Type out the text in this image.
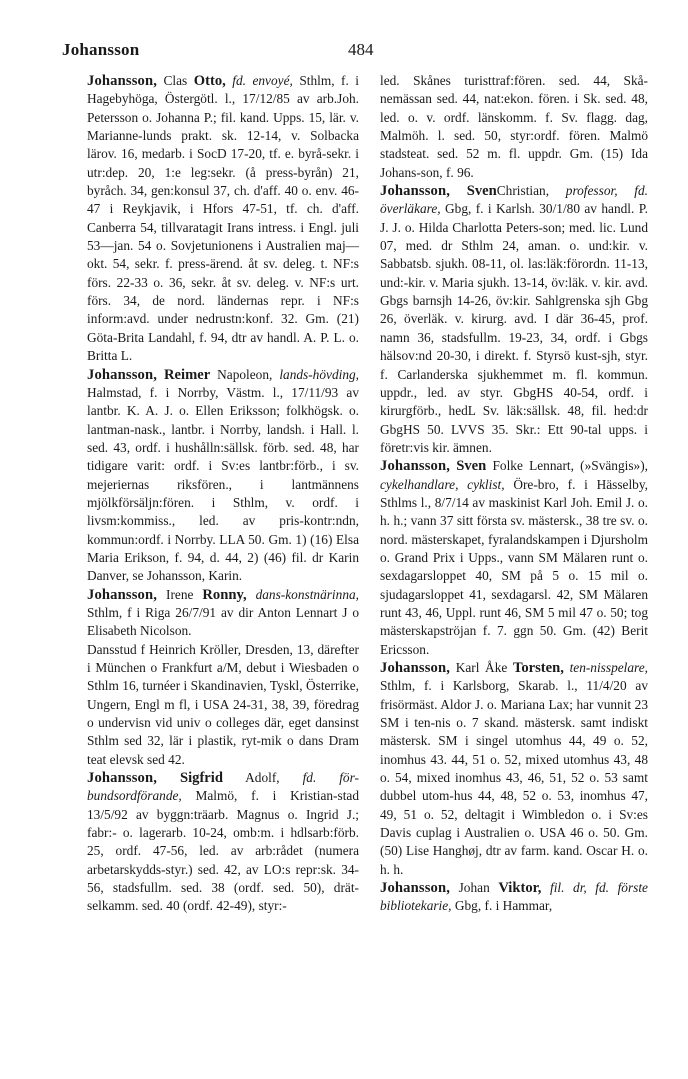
Johansson	484

Johansson, Clas Otto, fd. envoyé, Sthlm, f. i Hagebyhöga, Östergötl. l., 17/12/85 av arb.Joh. Petersson o. Johanna P.; fil. kand. Upps. 15, lär. v. Marianne-lunds prakt. sk. 12-14, v. Solbacka lärov. 16, medarb. i SocD 17-20, tf. e. byrå-sekr. i utr:dep. 20, 1:e leg:sekr. (å press-byrån) 21, byråch. 34, gen:konsul 37, ch. d'aff. 40 o. env. 46-47 i Reykjavik, i Hfors 47-51, tf. ch. d'aff. Canberra 54, tillvaratagit Irans intress. i Engl. juli 53—jan. 54 o. Sovjetunionens i Australien maj—okt. 54, sekr. f. press-ärend. åt sv. deleg. t. NF:s förs. 22-33 o. 36, sekr. åt sv. deleg. v. NF:s urt. förs. 34, de nord. ländernas repr. i NF:s inform:avd. under nedrustn:konf. 32. Gm. (21) Göta-Brita Landahl, f. 94, dtr av handl. A. P. L. o. Britta L.

Johansson, Reimer Napoleon, lands-hövding, Halmstad, f. i Norrby, Västm. l., 17/11/93 av lantbr. K. A. J. o. Ellen Eriksson; folkhögsk. o. lantman-nask., lantbr. i Norrby, landsh. i Hall. l. sed. 43, ordf. i hushålln:sällsk. förb. sed. 48, har tidigare varit: ordf. i Sv:es lantbr:förb., i sv. mejeriernas riksfören., i lantmännens mjölkförsäljn:fören. i Sthlm, v. ordf. i livsm:kommiss., led. av pris-kontr:ndn, kommun:ordf. i Norrby. LLA 50. Gm. 1) (16) Elsa Maria Erikson, f. 94, d. 44, 2) (46) fil. dr Karin Danver, se Johansson, Karin.

Johansson, Irene Ronny, dans-konstnärinna, Sthlm, f i Riga 26/7/91 av dir Anton Lennart J o Elisabeth Nicolson.

Dansstud f Heinrich Kröller, Dresden, 13, därefter i München o Frankfurt a/M, debut i Wiesbaden o Sthlm 16, turnéer i Skandinavien, Tyskl, Österrike, Ungern, Engl m fl, i USA 24-31, 38, 39, föredrag o undervisn vid univ o colleges där, eget dansinst Sthlm sed 32, lär i plastik, ryt-mik o dans Dram teat elevsk sed 42.

Johansson, Sigfrid Adolf, fd. för-bundsordförande, Malmö, f. i Kristian-stad 13/5/92 av byggn:träarb. Magnus o. Ingrid J.; fabr:- o. lagerarb. 10-24, omb:m. i hdlsarb:förb. 25, ordf. 47-56, led. av arb:rådet (numera arbetarskydds-styr.) sed. 42, av LO:s repr:sk. 34-56, stadsfullm. sed. 38 (ordf. sed. 50), drät-selkamm. sed. 40 (ordf. 42-49), styr:-

led. Skånes turisttraf:fören. sed. 44, Skå-nemässan sed. 44, nat:ekon. fören. i Sk. sed. 48, led. o. v. ordf. länskomm. f. Sv. flagg. dag, Malmöh. l. sed. 50, styr:ordf. fören. Malmö stadsteat. sed. 52 m. fl. uppdr. Gm. (15) Ida Johans-son, f. 96.

Johansson, SvenChristian, professor, fd. överläkare, Gbg, f. i Karlsh. 30/1/80 av handl. P. J. J. o. Hilda Charlotta Peters-son; med. lic. Lund 07, med. dr Sthlm 24, aman. o. und:kir. v. Sabbatsb. sjukh. 08-11, ol. las:läk:förordn. 11-13, und:-kir. v. Maria sjukh. 13-14, öv:läk. v. kir. avd. Gbgs barnsjh 14-26, öv:kir. Sahlgrenska sjh Gbg 26, överläk. v. kirurg. avd. I där 36-45, prof. namn 36, stadsfullm. 19-23, 34, ordf. i Gbgs hälsov:nd 20-30, i direkt. f. Styrsö kust-sjh, styr. f. Carlanderska sjukhemmet m. fl. kommun. uppdr., led. av styr. GbgHS 40-54, ordf. i kirurgförb., hedL Sv. läk:sällsk. 48, fil. hed:dr GbgHS 50. LVVS 35. Skr.: Ett 90-tal upps. i företr:vis kir. ämnen.

Johansson, Sven Folke Lennart, (»Svängis»), cykelhandlare, cyklist, Öre-bro, f. i Hässelby, Sthlms l., 8/7/14 av maskinist Karl Joh. Emil J. o. h. h.; vann 37 sitt första sv. mästersk., 38 tre sv. o. nord. mästerskapet, fyralandskampen i Djursholm o. Grand Prix i Upps., vann SM Mälaren runt o. sexdagarsloppet 40, SM på 5 o. 15 mil o. sjudagarsloppet 41, sexdagarsl. 42, SM Mälaren runt 43, 46, Uppl. runt 46, SM 5 mil 47 o. 50; tog mästerskapströjan f. 7. ggn 50. Gm. (42) Berit Ericsson.

Johansson, Karl Åke Torsten, ten-nisspelare, Sthlm, f. i Karlsborg, Skarab. l., 11/4/20 av frisörmäst. Aldor J. o. Mariana Lax; har vunnit 23 SM i ten-nis o. 7 skand. mästersk. samt indiskt mästersk. SM i singel utomhus 44, 49 o. 52, inomhus 43. 44, 51 o. 52, mixed utomhus 43, 48 o. 54, mixed inomhus 43, 46, 51, 52 o. 53 samt dubbel utom-hus 44, 48, 52 o. 53, inomhus 47, 49, 51 o. 52, deltagit i Wimbledon o. i Sv:es Davis cuplag i Australien o. USA 46 o. 50. Gm. (50) Lise Hanghøj, dtr av farm. kand. Oscar H. o. h. h.

Johansson, Johan Viktor, fil. dr, fd. förste bibliotekarie, Gbg, f. i Hammar,
